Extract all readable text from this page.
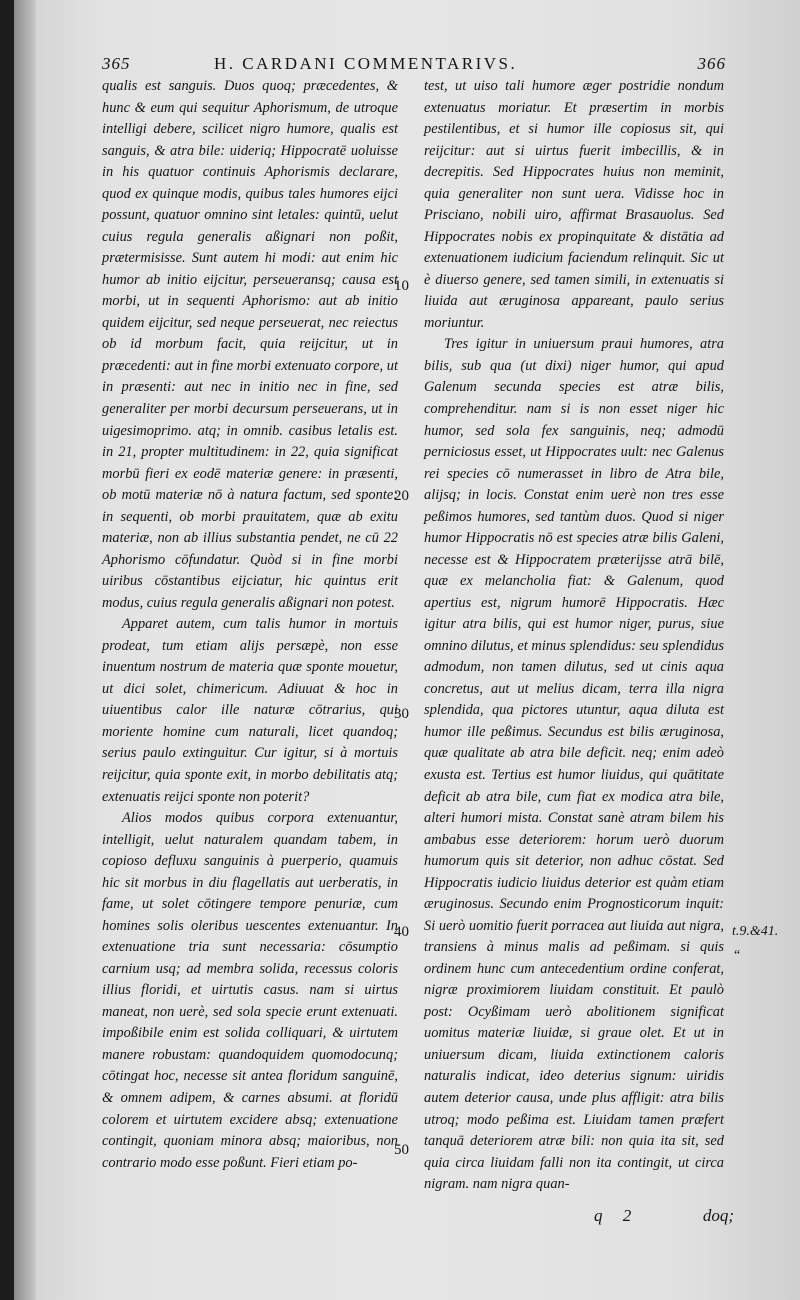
365	H. CARDANI COMMENTARIVS.	366

qualis est sanguis. Duos quoq; præcedentes, & hunc & eum qui sequitur Aphorismum, de utroque intelligi debere, scilicet nigro humore, qualis est sanguis, & atra bile: uideriq; Hippocratē uoluisse in his quatuor continuis Aphorismis declarare, quod ex quinque modis, quibus tales humores eijci possunt, quatuor omnino sint letales: quintū, uelut cuius regula generalis aßignari non poßit, prætermisisse. Sunt autem hi modi: aut enim hic humor ab initio eijcitur, perseueransq; causa est morbi, ut in sequenti Aphorismo: aut ab initio quidem eijcitur, sed neque perseuerat, nec reiectus ob id morbum facit, quia reijcitur, ut in præcedenti: aut in fine morbi extenuato corpore, ut in præsenti: aut nec in initio nec in fine, sed generaliter per morbi decursum perseuerans, ut in uigesimoprimo. atq; in omnib. casibus letalis est. in 21, propter multitudinem: in 22, quia significat morbū fieri ex eodē materiæ genere: in præsenti, ob motū materiæ nō à natura factum, sed sponte: in sequenti, ob morbi prauitatem, quæ ab exitu materiæ, non ab illius substantia pendet, ne cū 22 Aphorismo cōfundatur. Quòd si in fine morbi uiribus cōstantibus eijciatur, hic quintus erit modus, cuius regula generalis aßignari non potest.

Apparet autem, cum talis humor in mortuis prodeat, tum etiam alijs persæpè, non esse inuentum nostrum de materia quæ sponte mouetur, ut dici solet, chimericum. Adiuuat & hoc in uiuentibus calor ille naturæ cōtrarius, qui moriente homine cum naturali, licet quandoq; serius paulo extinguitur. Cur igitur, si à mortuis reijcitur, quia sponte exit, in morbo debilitatis atq; extenuatis reijci sponte non poterit?

Alios modos quibus corpora extenuantur, intelligit, uelut naturalem quandam tabem, in copioso defluxu sanguinis à puerperio, quamuis hic sit morbus in diu flagellatis aut uerberatis, in fame, ut solet cōtingere tempore penuriæ, cum homines solis oleribus uescentes extenuantur. In extenuatione tria sunt necessaria: cōsumptio carnium usq; ad membra solida, recessus coloris illius floridi, et uirtutis casus. nam si uirtus maneat, non uerè, sed sola specie erunt extenuati. impoßibile enim est solida colliquari, & uirtutem manere robustam: quandoquidem quomodocunq; cōtingat hoc, necesse sit antea floridum sanguinē, & omnem adipem, & carnes absumi. at floridū colorem et uirtutem excidere absq; extenuatione contingit, quoniam minora absq; maioribus, non contrario modo esse poßunt. Fieri etiam po-

test, ut uiso tali humore æger postridie nondum extenuatus moriatur. Et præsertim in morbis pestilentibus, et si humor ille copiosus sit, qui reijcitur: aut si uirtus fuerit imbecillis, & in decrepitis. Sed Hippocrates huius non meminit, quia generaliter non sunt uera. Vidisse hoc in Prisciano, nobili uiro, affirmat Brasauolus. Sed Hippocrates nobis ex propinquitate & distātia ad extenuationem iudicium faciendum relinquit. Sic ut è diuerso genere, sed tamen simili, in extenuatis si liuida aut æruginosa appareant, paulo serius moriuntur.

Tres igitur in uniuersum praui humores, atra bilis, sub qua (ut dixi) niger humor, qui apud Galenum secunda species est atræ bilis, comprehenditur. nam si is non esset niger hic humor, sed sola fex sanguinis, neq; admodū perniciosus esset, ut Hippocrates uult: nec Galenus rei species cō numerasset in libro de Atra bile, alijsq; in locis. Constat enim uerè non tres esse peßimos humores, sed tantùm duos. Quod si niger humor Hippocratis nō est species atræ bilis Galeni, necesse est & Hippocratem præterijsse atrā bilē, quæ ex melancholia fiat: & Galenum, quod apertius est, nigrum humorē Hippocratis. Hæc igitur atra bilis, qui est humor niger, purus, siue omnino dilutus, et minus splendidus: seu splendidus admodum, non tamen dilutus, sed ut cinis aqua concretus, aut ut melius dicam, terra illa nigra splendida, qua pictores utuntur, aqua diluta est humor ille peßimus. Secundus est bilis æruginosa, quæ qualitate ab atra bile deficit. neq; enim adeò exusta est. Tertius est humor liuidus, qui quātitate deficit ab atra bile, cum fiat ex modica atra bile, alteri humori mista. Constat sanè atram bilem his ambabus esse deteriorem: horum uerò duorum humorum quis sit deterior, non adhuc cōstat. Sed Hippocratis iudicio liuidus deterior est quàm etiam æruginosus. Secundo enim Prognosticorum inquit: Si uerò uomitio fuerit porracea aut liuida aut nigra, transiens à minus malis ad peßimam. si quis ordinem hunc cum antecedentium ordine conferat, nigræ proximiorem liuidam constituit. Et paulò post: Ocyßimam uerò abolitionem significat uomitus materiæ liuidæ, si graue olet. Et ut in uniuersum dicam, liuida extinctionem caloris naturalis indicat, ideo deterius signum: uiridis autem deterior causa, unde plus affligit: atra bilis utroq; modo peßima est. Liuidam tamen præfert tanquā deteriorem atræ bili: non quia ita sit, sed quia circa liuidam falli non ita contingit, ut circa nigram. nam nigra quan-

10
20
30
40
50
t.9.&41.
“
q 2	doq;
